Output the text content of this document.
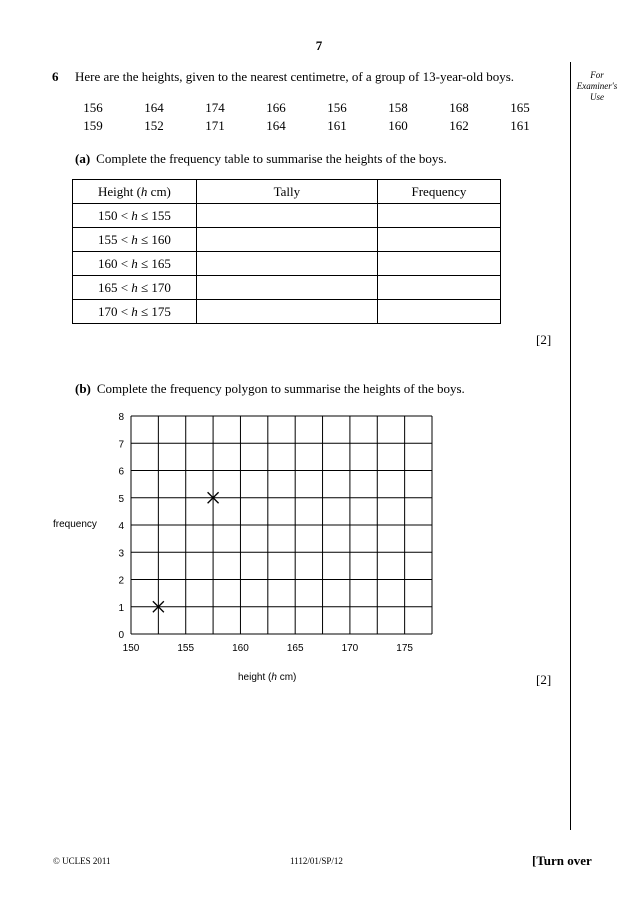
7
6 Here are the heights, given to the nearest centimetre, of a group of 13-year-old boys.	For
Examiner's
Use
156	164	174	166	156	158	168	165
159	152	171	164	161	160	162	161
(a) Complete the frequency table to summarise the heights of the boys.
Height (h cm)	Tally	Frequency
150 < h ≤ 155		
155 < h ≤ 160		
160 < h ≤ 165		
165 < h ≤ 170		
170 < h ≤ 175		
[2]
(b) Complete the frequency polygon to summarise the heights of the boys.
150	155	160	165	170	175
0
1
2
3
4
5
6
7
8
frequency
height (h cm)	[2]
© UCLES 2011	1112/01/SP/12	[Turn over
